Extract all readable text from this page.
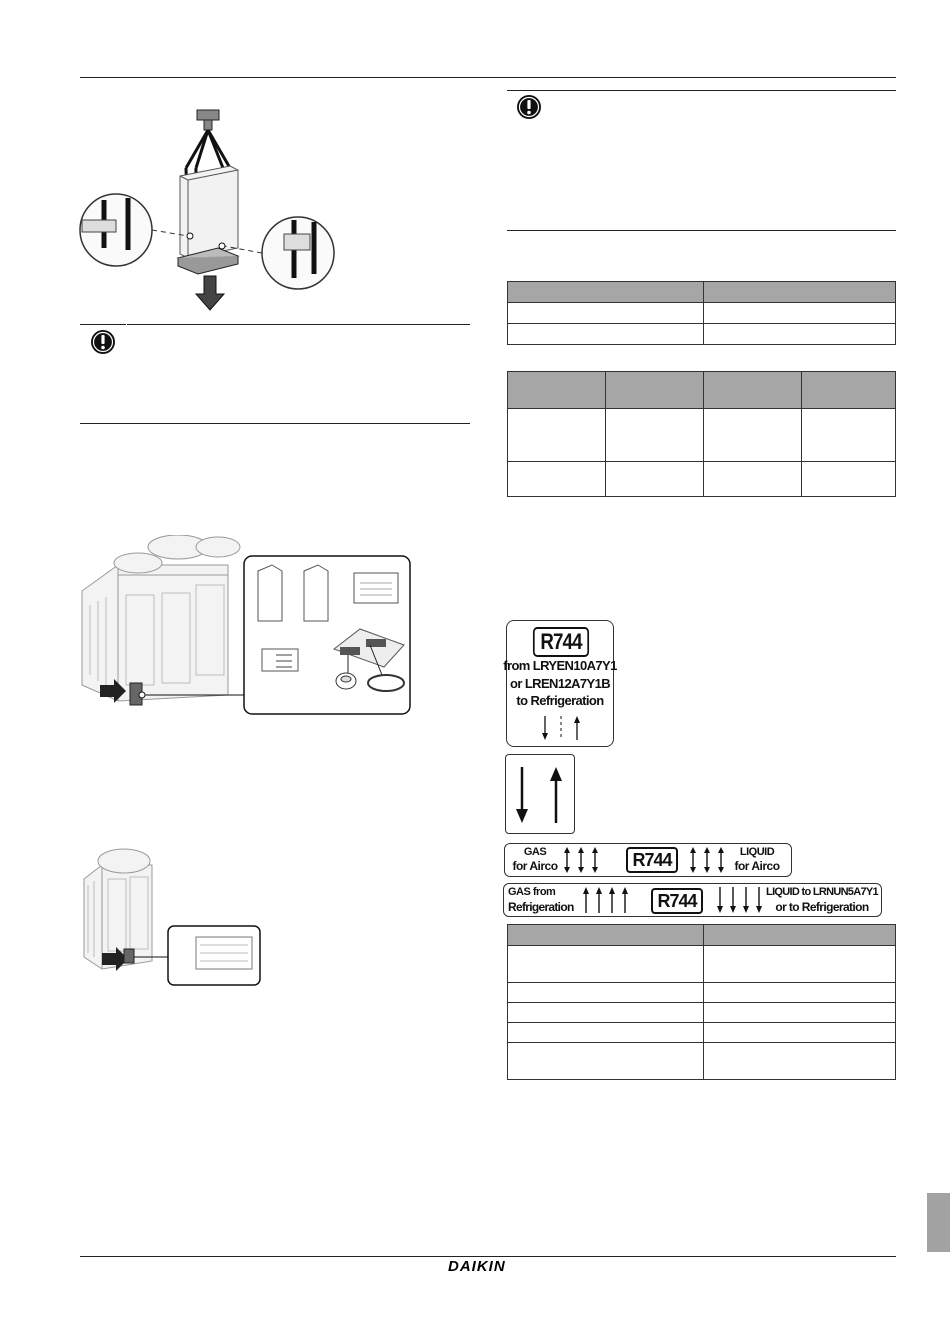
R744
from LRYEN10A7Y1
or LREN12A7Y1B
to Refrigeration
GAS
for Airco	R744	LIQUID
for Airco
GAS from
Refrigeration	R744	LIQUID to LRNUN5A7Y1
or to Refrigeration

DAIKIN
